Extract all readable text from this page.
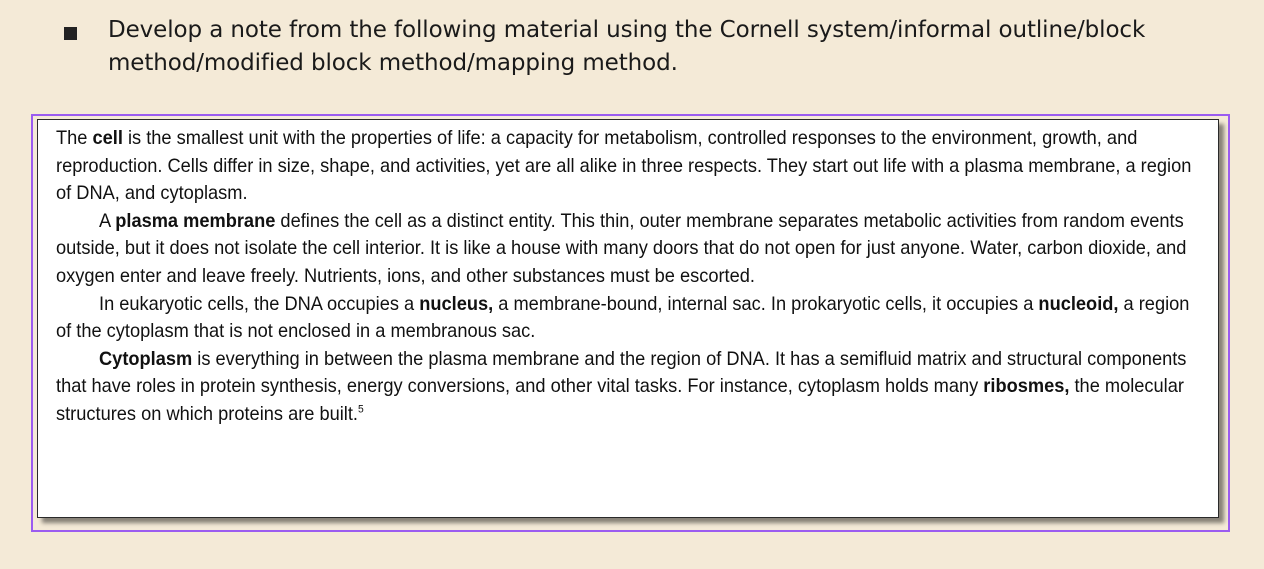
Develop a note from the following material using the Cornell system/informal outline/block method/modified block method/mapping method.

The cell is the smallest unit with the properties of life: a capacity for metabolism, controlled responses to the environment, growth, and reproduction. Cells differ in size, shape, and activities, yet are all alike in three respects. They start out life with a plasma membrane, a region of DNA, and cytoplasm.

A plasma membrane defines the cell as a distinct entity. This thin, outer membrane separates metabolic activities from random events outside, but it does not isolate the cell interior. It is like a house with many doors that do not open for just anyone. Water, carbon dioxide, and oxygen enter and leave freely. Nutrients, ions, and other substances must be escorted.

In eukaryotic cells, the DNA occupies a nucleus, a membrane-bound, internal sac. In prokaryotic cells, it occupies a nucleoid, a region of the cytoplasm that is not enclosed in a membranous sac.

Cytoplasm is everything in between the plasma membrane and the region of DNA. It has a semifluid matrix and structural components that have roles in protein synthesis, energy conversions, and other vital tasks. For instance, cytoplasm holds many ribosmes, the molecular structures on which proteins are built.$^5$
